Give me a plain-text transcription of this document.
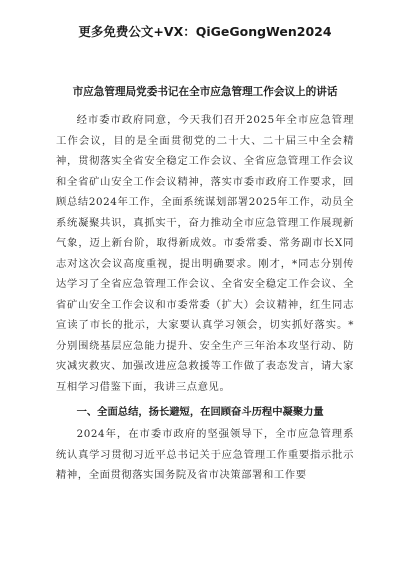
更多免费公文+VX：QiGeGongWen2024
市应急管理局党委书记在全市应急管理工作会议上的讲话

经市委市政府同意，今天我们召开2025年全市应急管理工作会议，目的是全面贯彻党的二十大、二十届三中全会精神，贯彻落实全省安全稳定工作会议、全省应急管理工作会议和全省矿山安全工作会议精神，落实市委市政府工作要求，回顾总结2024年工作，全面系统谋划部署2025年工作，动员全系统凝聚共识，真抓实干，奋力推动全市应急管理工作展现新气象，迈上新台阶，取得新成效。市委常委、常务副市长X同志对这次会议高度重视，提出明确要求。刚才，*同志分别传达学习了全省应急管理工作会议、全省安全稳定工作会议、全省矿山安全工作会议和市委常委（扩大）会议精神，红生同志宣读了市长的批示，大家要认真学习领会，切实抓好落实。*分别围绕基层应急能力提升、安全生产三年治本攻坚行动、防灾减灾救灾、加强改进应急救援等工作做了表态发言，请大家互相学习借鉴下面，我讲三点意见。

一、全面总结，扬长避短，在回顾奋斗历程中凝聚力量

2024年，在市委市政府的坚强领导下，全市应急管理系统认真学习贯彻习近平总书记关于应急管理工作重要指示批示精神，全面贯彻落实国务院及省市决策部署和工作要
